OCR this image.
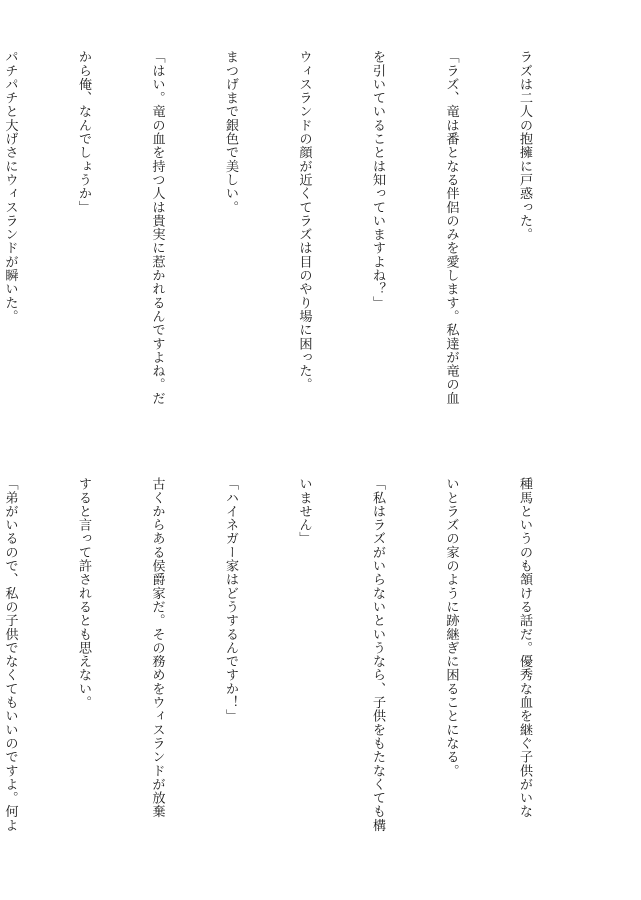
ラズは二人の抱擁に戸惑った。

「ラズ、竜は番となる伴侶のみを愛します。私達が竜の血

を引いていることは知っていますよね？」

ウィスランドの顔が近くてラズは目のやり場に困った。

まつげまで銀色で美しい。

「はい。竜の血を持つ人は貴実に惹かれるんですよね。だ

から俺、なんでしょうか」

パチパチと大げさにウィスランドが瞬いた。

種馬というのも頷ける話だ。優秀な血を継ぐ子供がいな

いとラズの家のように跡継ぎに困ることになる。

「私はラズがいらないというなら、子供をもたなくても構

いません」

「ハイネガー家はどうするんですか！」

古くからある侯爵家だ。その務めをウィスランドが放棄

すると言って許されるとも思えない。

「弟がいるので、私の子供でなくてもいいのですよ。何よ
